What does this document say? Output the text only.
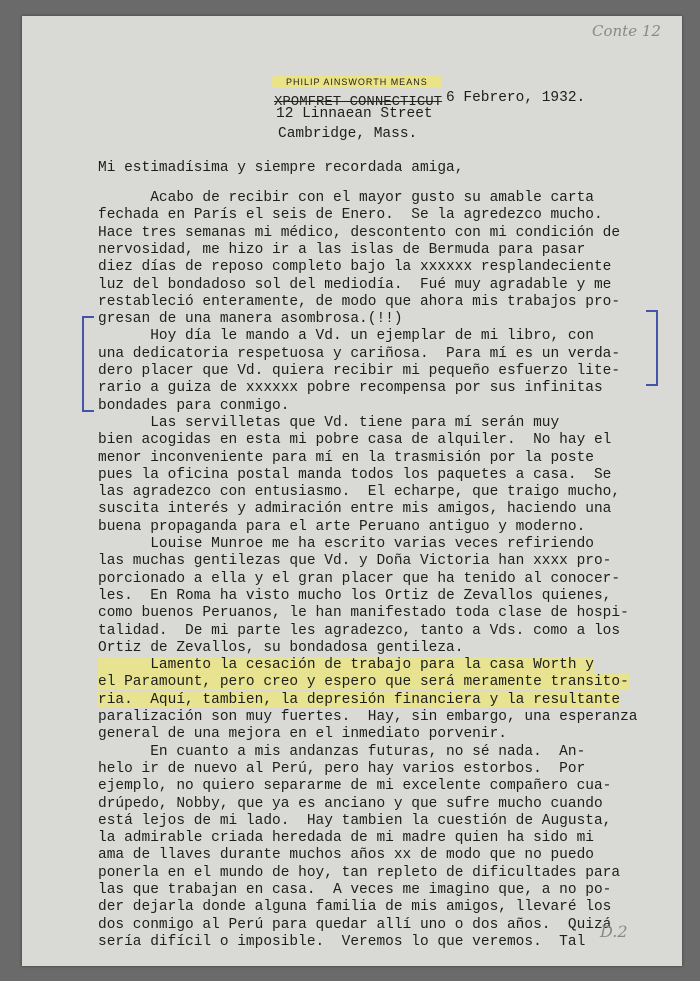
Conte 12
PHILIP AINSWORTH MEANS
XPOMFRET CONNECTICUT 6 Febrero, 1932.
12 Linnaean Street
Cambridge, Mass.
Mi estimadísima y siempre recordada amiga,
Acabo de recibir con el mayor gusto su amable carta
fechada en París el seis de Enero.  Se la agredezco mucho.
Hace tres semanas mi médico, descontento con mi condición de
nervosidad, me hizo ir a las islas de Bermuda para pasar
diez días de reposo completo bajo la xxxxxx resplandeciente
luz del bondadoso sol del mediodía.  Fué muy agradable y me
restableció enteramente, de modo que ahora mis trabajos pro-
gresan de una manera asombrosa.(!!)
Hoy día le mando a Vd. un ejemplar de mi libro, con
una dedicatoria respetuosa y cariñosa.  Para mí es un verda-
dero placer que Vd. quiera recibir mi pequeño esfuerzo lite-
rario a guiza de xxxxxx pobre recompensa por sus infinitas
bondades para conmigo.
Las servilletas que Vd. tiene para mí serán muy
bien acogidas en esta mi pobre casa de alquiler.  No hay el
menor inconveniente para mí en la trasmisión por la poste
pues la oficina postal manda todos los paquetes a casa.  Se
las agradezco con entusiasmo.  El echarpe, que traigo mucho,
suscita interés y admiración entre mis amigos, haciendo una
buena propaganda para el arte Peruano antiguo y moderno.
Louise Munroe me ha escrito varias veces refiriendo
las muchas gentilezas que Vd. y Doña Victoria han xxxx pro-
porcionado a ella y el gran placer que ha tenido al conocer-
les.  En Roma ha visto mucho los Ortiz de Zevallos quienes,
como buenos Peruanos, le han manifestado toda clase de hospi-
talidad.  De mi parte les agradezco, tanto a Vds. como a los
Ortiz de Zevallos, su bondadosa gentileza.
Lamento la cesación de trabajo para la casa Worth y
el Paramount, pero creo y espero que será meramente transito-
ria.  Aquí, tambien, la depresión financiera y la resultante
paralización son muy fuertes.  Hay, sin embargo, una esperanza
general de una mejora en el inmediato porvenir.
En cuanto a mis andanzas futuras, no sé nada.  An-
helo ir de nuevo al Perú, pero hay varios estorbos.  Por
ejemplo, no quiero separarme de mi excelente compañero cua-
drúpedo, Nobby, que ya es anciano y que sufre mucho cuando
está lejos de mi lado.  Hay tambien la cuestión de Augusta,
la admirable criada heredada de mi madre quien ha sido mi
ama de llaves durante muchos años xx de modo que no puedo
ponerla en el mundo de hoy, tan repleto de dificultades para
las que trabajan en casa.  A veces me imagino que, a no po-
der dejarla donde alguna familia de mis amigos, llevaré los
dos conmigo al Perú para quedar allí uno o dos años.  Quizá
sería difícil o imposible.  Veremos lo que veremos.  Tal
D.2
